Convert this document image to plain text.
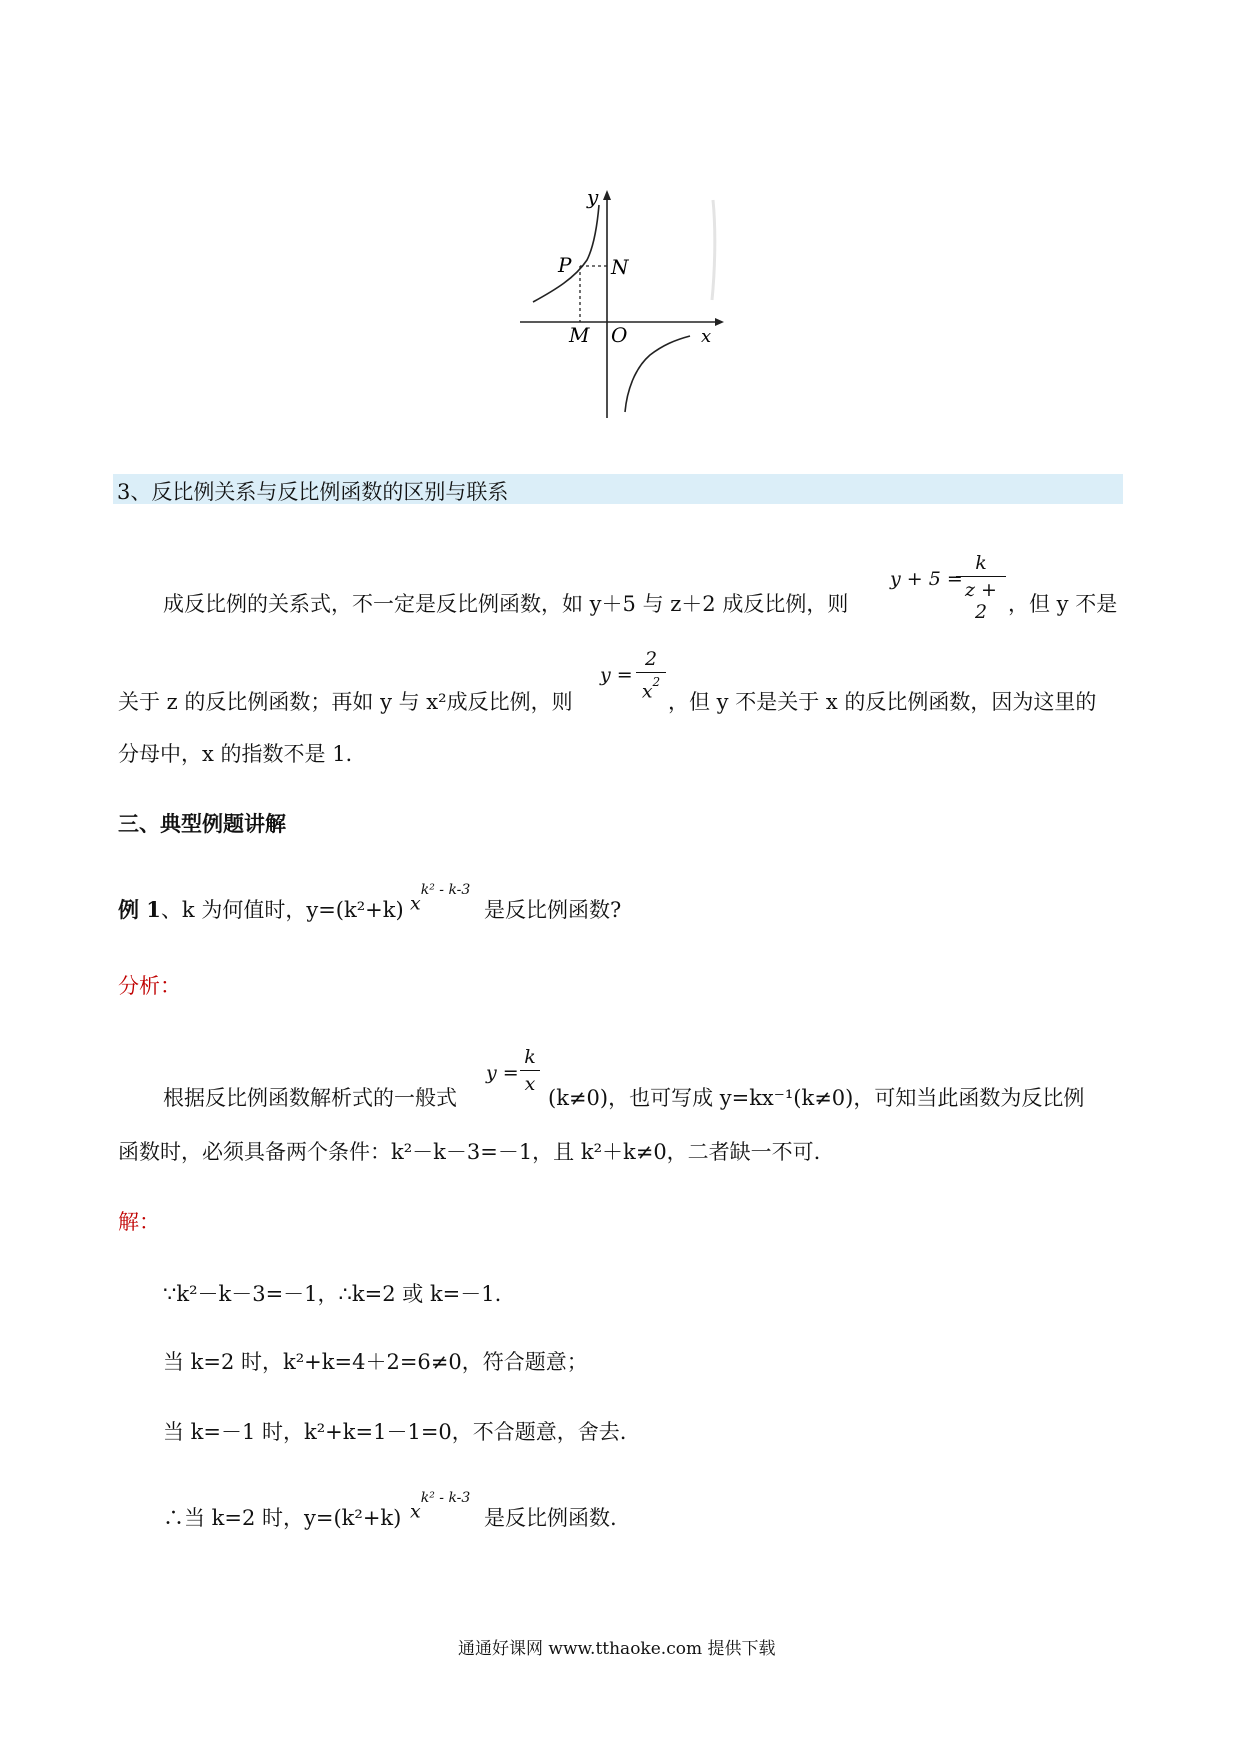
y
x
P N
M O
3、反比例关系与反比例函数的区别与联系
成反比例的关系式，不一定是反比例函数，如 y＋5 与 z＋2 成反比例，则
y + 5 =
k
z + 2 ，但 y 不是
关于 z 的反比例函数；再如 y 与 x²成反比例，则
y =
2
$x^2$
，但 y 不是关于 x 的反比例函数，因为这里的
分母中，x 的指数不是 1.
三、典型例题讲解
例 1、k 为何值时，y=(k²+k) $x^{k^2 - k-3}$
是反比例函数?
分析：
根据反比例函数解析式的一般式
y =
k
x
(k≠0)，也可写成 y=kx⁻¹(k≠0)，可知当此函数为反比例
函数时，必须具备两个条件：k²－k－3=－1，且 k²＋k≠0，二者缺一不可.
解：
∵k²－k－3=－1，∴k=2 或 k=－1.
当 k=2 时，k²+k=4＋2=6≠0，符合题意；
当 k=－1 时，k²+k=1－1=0，不合题意，舍去.
∴当 k=2 时，y=(k²+k) $x^{k^2 - k-3}$
是反比例函数.
通通好课网 www.tthaoke.com 提供下载
